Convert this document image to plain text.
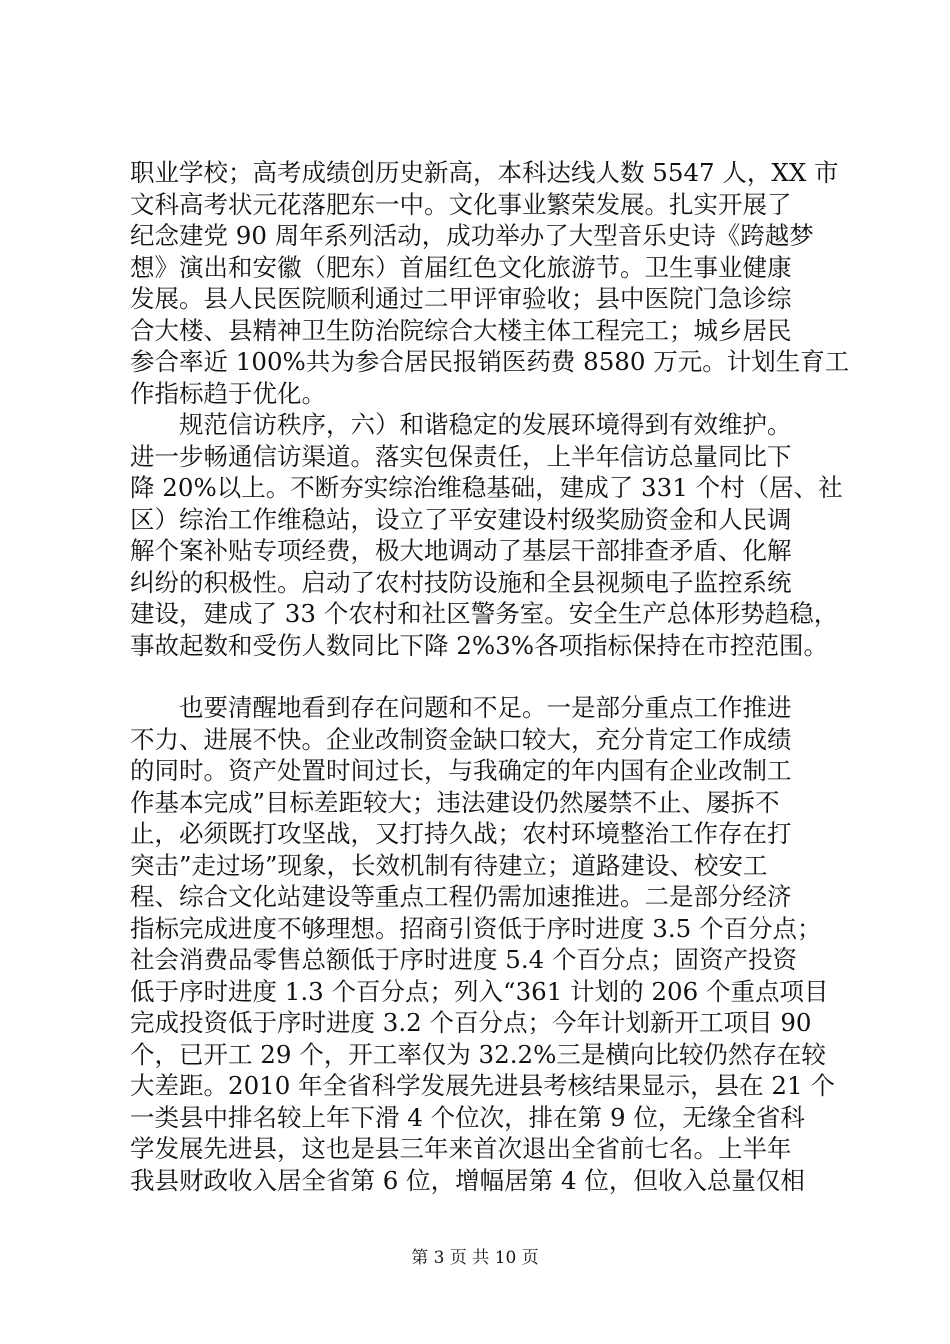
职业学校；高考成绩创历史新高，本科达线人数 5547 人，XX 市
文科高考状元花落肥东一中。文化事业繁荣发展。扎实开展了
纪念建党 90 周年系列活动，成功举办了大型音乐史诗《跨越梦
想》演出和安徽（肥东）首届红色文化旅游节。卫生事业健康
发展。县人民医院顺利通过二甲评审验收；县中医院门急诊综
合大楼、县精神卫生防治院综合大楼主体工程完工；城乡居民
参合率近 100%共为参合居民报销医药费 8580 万元。计划生育工
作指标趋于优化。

　　规范信访秩序，六）和谐稳定的发展环境得到有效维护。
进一步畅通信访渠道。落实包保责任，上半年信访总量同比下
降 20%以上。不断夯实综治维稳基础，建成了 331 个村（居、社
区）综治工作维稳站，设立了平安建设村级奖励资金和人民调
解个案补贴专项经费，极大地调动了基层干部排查矛盾、化解
纠纷的积极性。启动了农村技防设施和全县视频电子监控系统
建设，建成了 33 个农村和社区警务室。安全生产总体形势趋稳，
事故起数和受伤人数同比下降 2%3%各项指标保持在市控范围。

　　也要清醒地看到存在问题和不足。一是部分重点工作推进
不力、进展不快。企业改制资金缺口较大，充分肯定工作成绩
的同时。资产处置时间过长，与我确定的年内国有企业改制工
作基本完成”目标差距较大；违法建设仍然屡禁不止、屡拆不
止，必须既打攻坚战，又打持久战；农村环境整治工作存在打
突击”走过场”现象，长效机制有待建立；道路建设、校安工
程、综合文化站建设等重点工程仍需加速推进。二是部分经济
指标完成进度不够理想。招商引资低于序时进度 3.5 个百分点；
社会消费品零售总额低于序时进度 5.4 个百分点；固资产投资
低于序时进度 1.3 个百分点；列入“361 计划的 206 个重点项目
完成投资低于序时进度 3.2 个百分点；今年计划新开工项目 90
个，已开工 29 个，开工率仅为 32.2%三是横向比较仍然存在较
大差距。2010 年全省科学发展先进县考核结果显示，县在 21 个
一类县中排名较上年下滑 4 个位次，排在第 9 位，无缘全省科
学发展先进县，这也是县三年来首次退出全省前七名。上半年
我县财政收入居全省第 6 位，增幅居第 4 位，但收入总量仅相

第 3 页 共 10 页
